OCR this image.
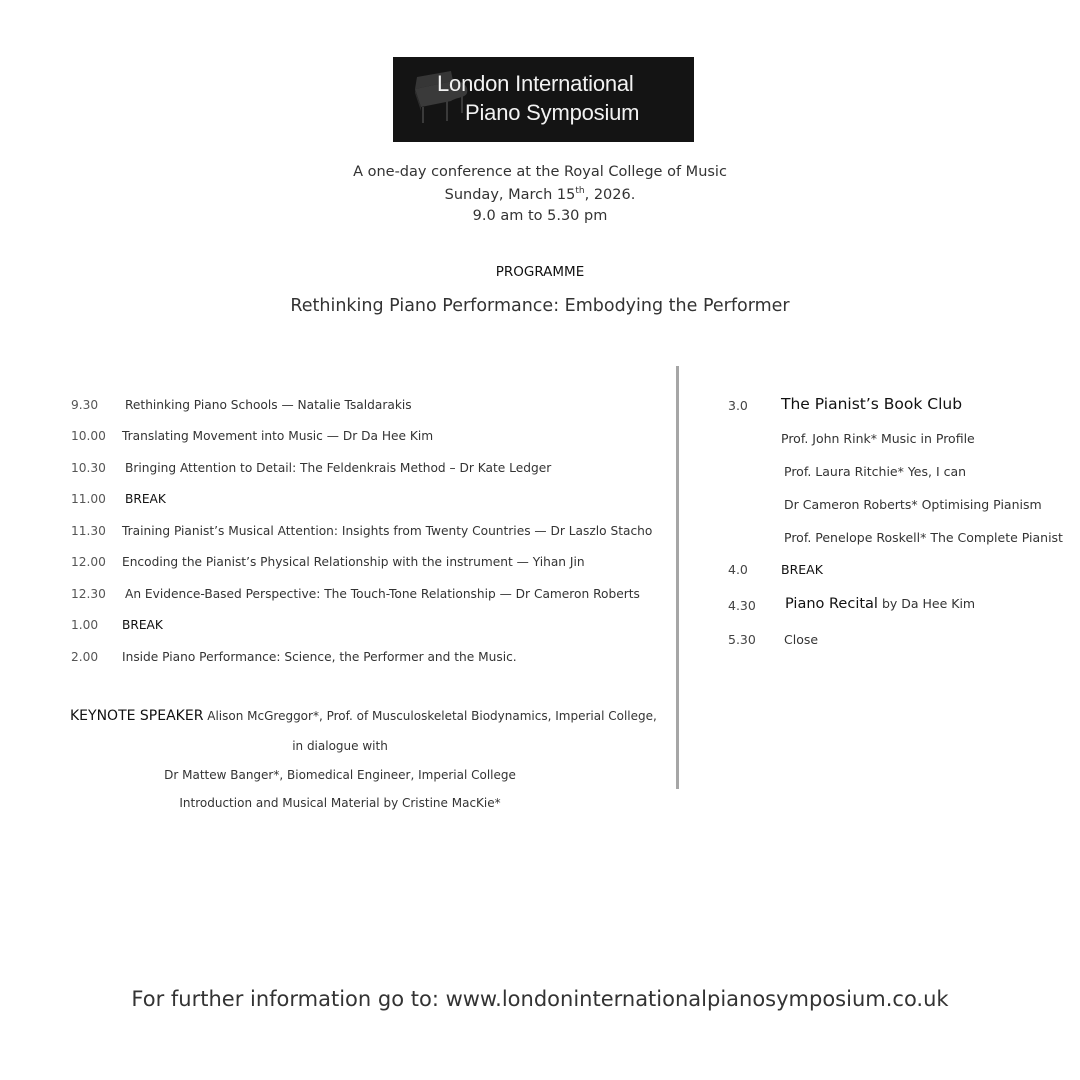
London International
Piano Symposium
A one-day conference at the Royal College of Music
Sunday, March 15th, 2026.
9.0 am to 5.30 pm
PROGRAMME
Rethinking Piano Performance: Embodying the Performer
9.30 Rethinking Piano Schools — Natalie Tsaldarakis
10.00 Translating Movement into Music — Dr Da Hee Kim
10.30 Bringing Attention to Detail: The Feldenkrais Method – Dr Kate Ledger
11.00 BREAK
11.30 Training Pianist’s Musical Attention: Insights from Twenty Countries — Dr Laszlo Stacho
12.00 Encoding the Pianist’s Physical Relationship with the instrument — Yihan Jin
12.30 An Evidence-Based Perspective: The Touch-Tone Relationship — Dr Cameron Roberts
1.00 BREAK
2.00 Inside Piano Performance: Science, the Performer and the Music.
KEYNOTE SPEAKER Alison McGreggor*, Prof. of Musculoskeletal Biodynamics, Imperial College,
in dialogue with
Dr Mattew Banger*, Biomedical Engineer, Imperial College
Introduction and Musical Material by Cristine MacKie*
3.0 The Pianist’s Book Club
Prof. John Rink* Music in Profile
Prof. Laura Ritchie* Yes, I can
Dr Cameron Roberts* Optimising Pianism
Prof. Penelope Roskell* The Complete Pianist
4.0	BREAK
4.30 Piano Recital by Da Hee Kim
5.30 Close
For further information go to: www.londoninternationalpianosymposium.co.uk
